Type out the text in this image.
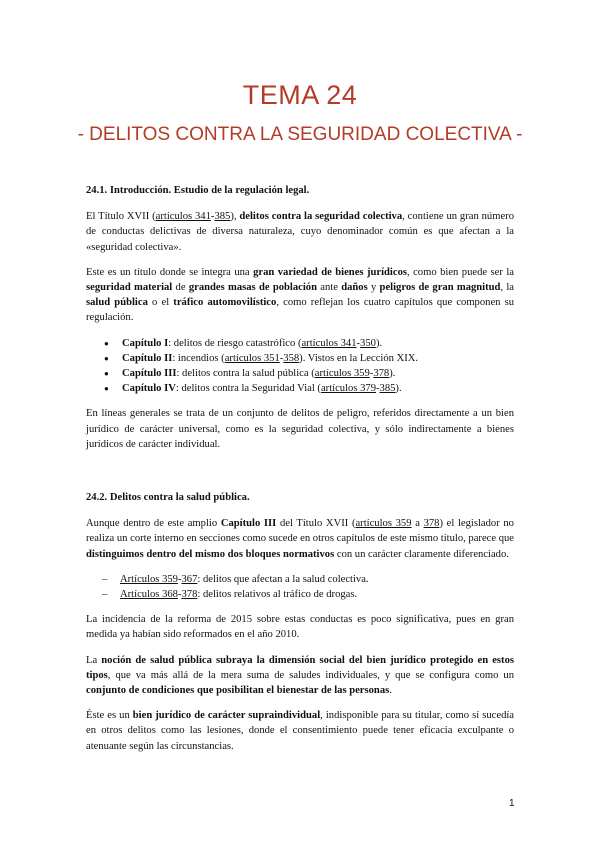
TEMA 24
- DELITOS CONTRA LA SEGURIDAD COLECTIVA -
24.1. Introducción. Estudio de la regulación legal.

El Título XVII (artículos 341-385), delitos contra la seguridad colectiva, contiene un gran número de conductas delictivas de diversa naturaleza, cuyo denominador común es que afectan a la «seguridad colectiva».

Este es un título donde se integra una gran variedad de bienes jurídicos, como bien puede ser la seguridad material de grandes masas de población ante daños y peligros de gran magnitud, la salud pública o el tráfico automovilístico, como reflejan los cuatro capítulos que componen su regulación.

● Capítulo I: delitos de riesgo catastrófico (artículos 341-350).
● Capítulo II: incendios (artículos 351-358). Vistos en la Lección XIX.
● Capítulo III: delitos contra la salud pública (artículos 359-378).
● Capítulo IV: delitos contra la Seguridad Vial (artículos 379-385).

En líneas generales se trata de un conjunto de delitos de peligro, referidos directamente a un bien jurídico de carácter universal, como es la seguridad colectiva, y sólo indirectamente a bienes jurídicos de carácter individual.

24.2. Delitos contra la salud pública.

Aunque dentro de este amplio Capítulo III del Título XVII (artículos 359 a 378) el legislador no realiza un corte interno en secciones como sucede en otros capítulos de este mismo título, parece que distinguimos dentro del mismo dos bloques normativos con un carácter claramente diferenciado.

– Artículos 359-367: delitos que afectan a la salud colectiva.
– Artículos 368-378: delitos relativos al tráfico de drogas.

La incidencia de la reforma de 2015 sobre estas conductas es poco significativa, pues en gran medida ya habían sido reformados en el año 2010.

La noción de salud pública subraya la dimensión social del bien jurídico protegido en estos tipos, que va más allá de la mera suma de saludes individuales, y que se configura como un conjunto de condiciones que posibilitan el bienestar de las personas.

Éste es un bien jurídico de carácter supraindividual, indisponible para su titular, como sí sucedía en otros delitos como las lesiones, donde el consentimiento puede tener eficacia exculpante o atenuante según las circunstancias.

1
